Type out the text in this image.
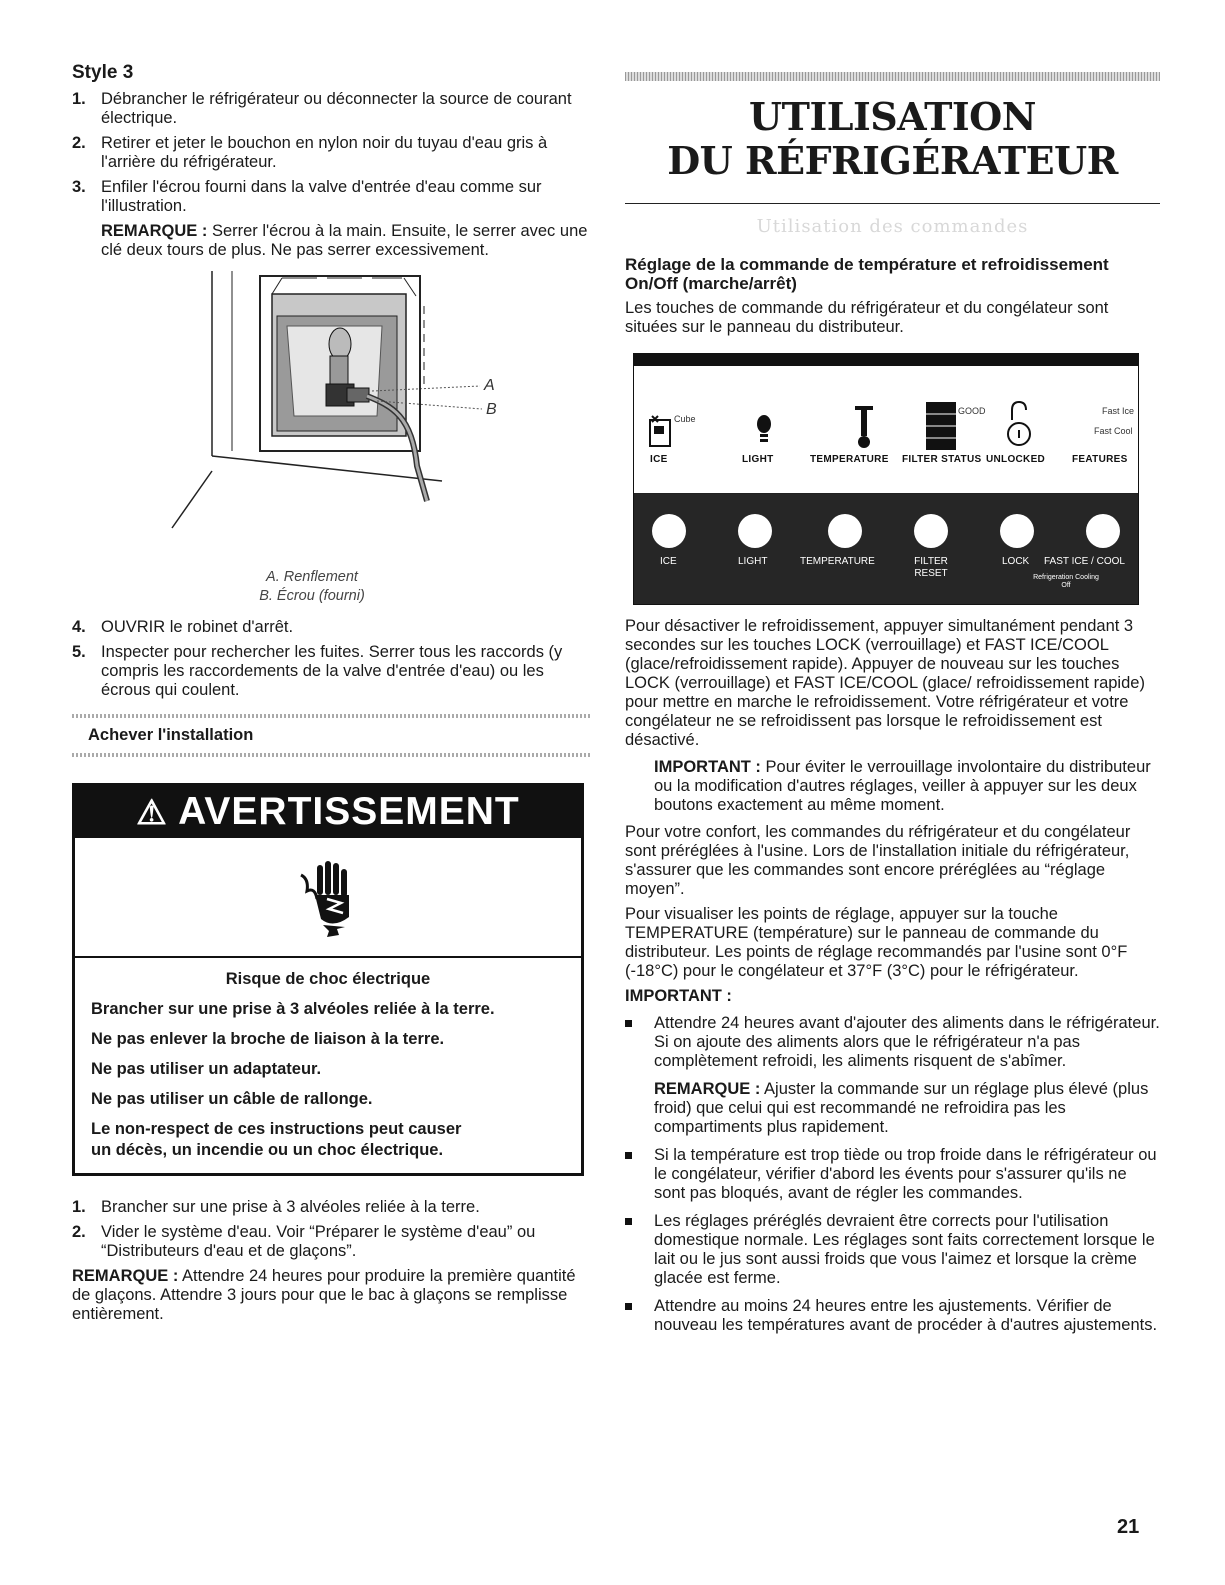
Style 3
1. Débrancher le réfrigérateur ou déconnecter la source de courant électrique.
2. Retirer et jeter le bouchon en nylon noir du tuyau d'eau gris à l'arrière du réfrigérateur.
3. Enfiler l'écrou fourni dans la valve d'entrée d'eau comme sur l'illustration.
REMARQUE : Serrer l'écrou à la main. Ensuite, le serrer avec une clé deux tours de plus. Ne pas serrer excessivement.
A
B
A. Renflement
B. Écrou (fourni)
4. OUVRIR le robinet d'arrêt.
5. Inspecter pour rechercher les fuites. Serrer tous les raccords (y compris les raccordements de la valve d'entrée d'eau) ou les écrous qui coulent.
Achever l'installation
⚠ AVERTISSEMENT
Risque de choc électrique
Brancher sur une prise à 3 alvéoles reliée à la terre.
Ne pas enlever la broche de liaison à la terre.
Ne pas utiliser un adaptateur.
Ne pas utiliser un câble de rallonge.
Le non-respect de ces instructions peut causer
un décès, un incendie ou un choc électrique.
1. Brancher sur une prise à 3 alvéoles reliée à la terre.
2. Vider le système d'eau. Voir “Préparer le système d'eau” ou “Distributeurs d'eau et de glaçons”.
REMARQUE : Attendre 24 heures pour produire la première quantité de glaçons. Attendre 3 jours pour que le bac à glaçons se remplisse entièrement.
UTILISATION
DU RÉFRIGÉRATEUR
Utilisation des commandes
Réglage de la commande de température et refroidissement On/Off (marche/arrêt)
Les touches de commande du réfrigérateur et du congélateur sont situées sur le panneau du distributeur.
Cube
GOOD	Fast Ice
Fast Cool
ICE	LIGHT	TEMPERATURE FILTER STATUS UNLOCKED	FEATURES
ICE	LIGHT	TEMPERATURE	FILTER RESET
LOCK FAST ICE / COOL
Refrigeration Cooling Off
Pour désactiver le refroidissement, appuyer simultanément pendant 3 secondes sur les touches LOCK (verrouillage) et FAST ICE/COOL (glace/refroidissement rapide). Appuyer de nouveau sur les touches LOCK (verrouillage) et FAST ICE/COOL (glace/ refroidissement rapide) pour mettre en marche le refroidissement. Votre réfrigérateur et votre congélateur ne se refroidissent pas lorsque le refroidissement est désactivé.
IMPORTANT : Pour éviter le verrouillage involontaire du distributeur ou la modification d'autres réglages, veiller à appuyer sur les deux boutons exactement au même moment.
Pour votre confort, les commandes du réfrigérateur et du congélateur sont préréglées à l'usine. Lors de l'installation initiale du réfrigérateur, s'assurer que les commandes sont encore préréglées au “réglage moyen”.
Pour visualiser les points de réglage, appuyer sur la touche TEMPERATURE (température) sur le panneau de commande du distributeur. Les points de réglage recommandés par l'usine sont 0°F (-18°C) pour le congélateur et 37°F (3°C) pour le réfrigérateur.
IMPORTANT :
Attendre 24 heures avant d'ajouter des aliments dans le réfrigérateur. Si on ajoute des aliments alors que le réfrigérateur n'a pas complètement refroidi, les aliments risquent de s'abîmer.
REMARQUE : Ajuster la commande sur un réglage plus élevé (plus froid) que celui qui est recommandé ne refroidira pas les compartiments plus rapidement.
Si la température est trop tiède ou trop froide dans le réfrigérateur ou le congélateur, vérifier d'abord les évents pour s'assurer qu'ils ne sont pas bloqués, avant de régler les commandes.
Les réglages préréglés devraient être corrects pour l'utilisation domestique normale. Les réglages sont faits correctement lorsque le lait ou le jus sont aussi froids que vous l'aimez et lorsque la crème glacée est ferme.
Attendre au moins 24 heures entre les ajustements. Vérifier de nouveau les températures avant de procéder à d'autres ajustements.
21
